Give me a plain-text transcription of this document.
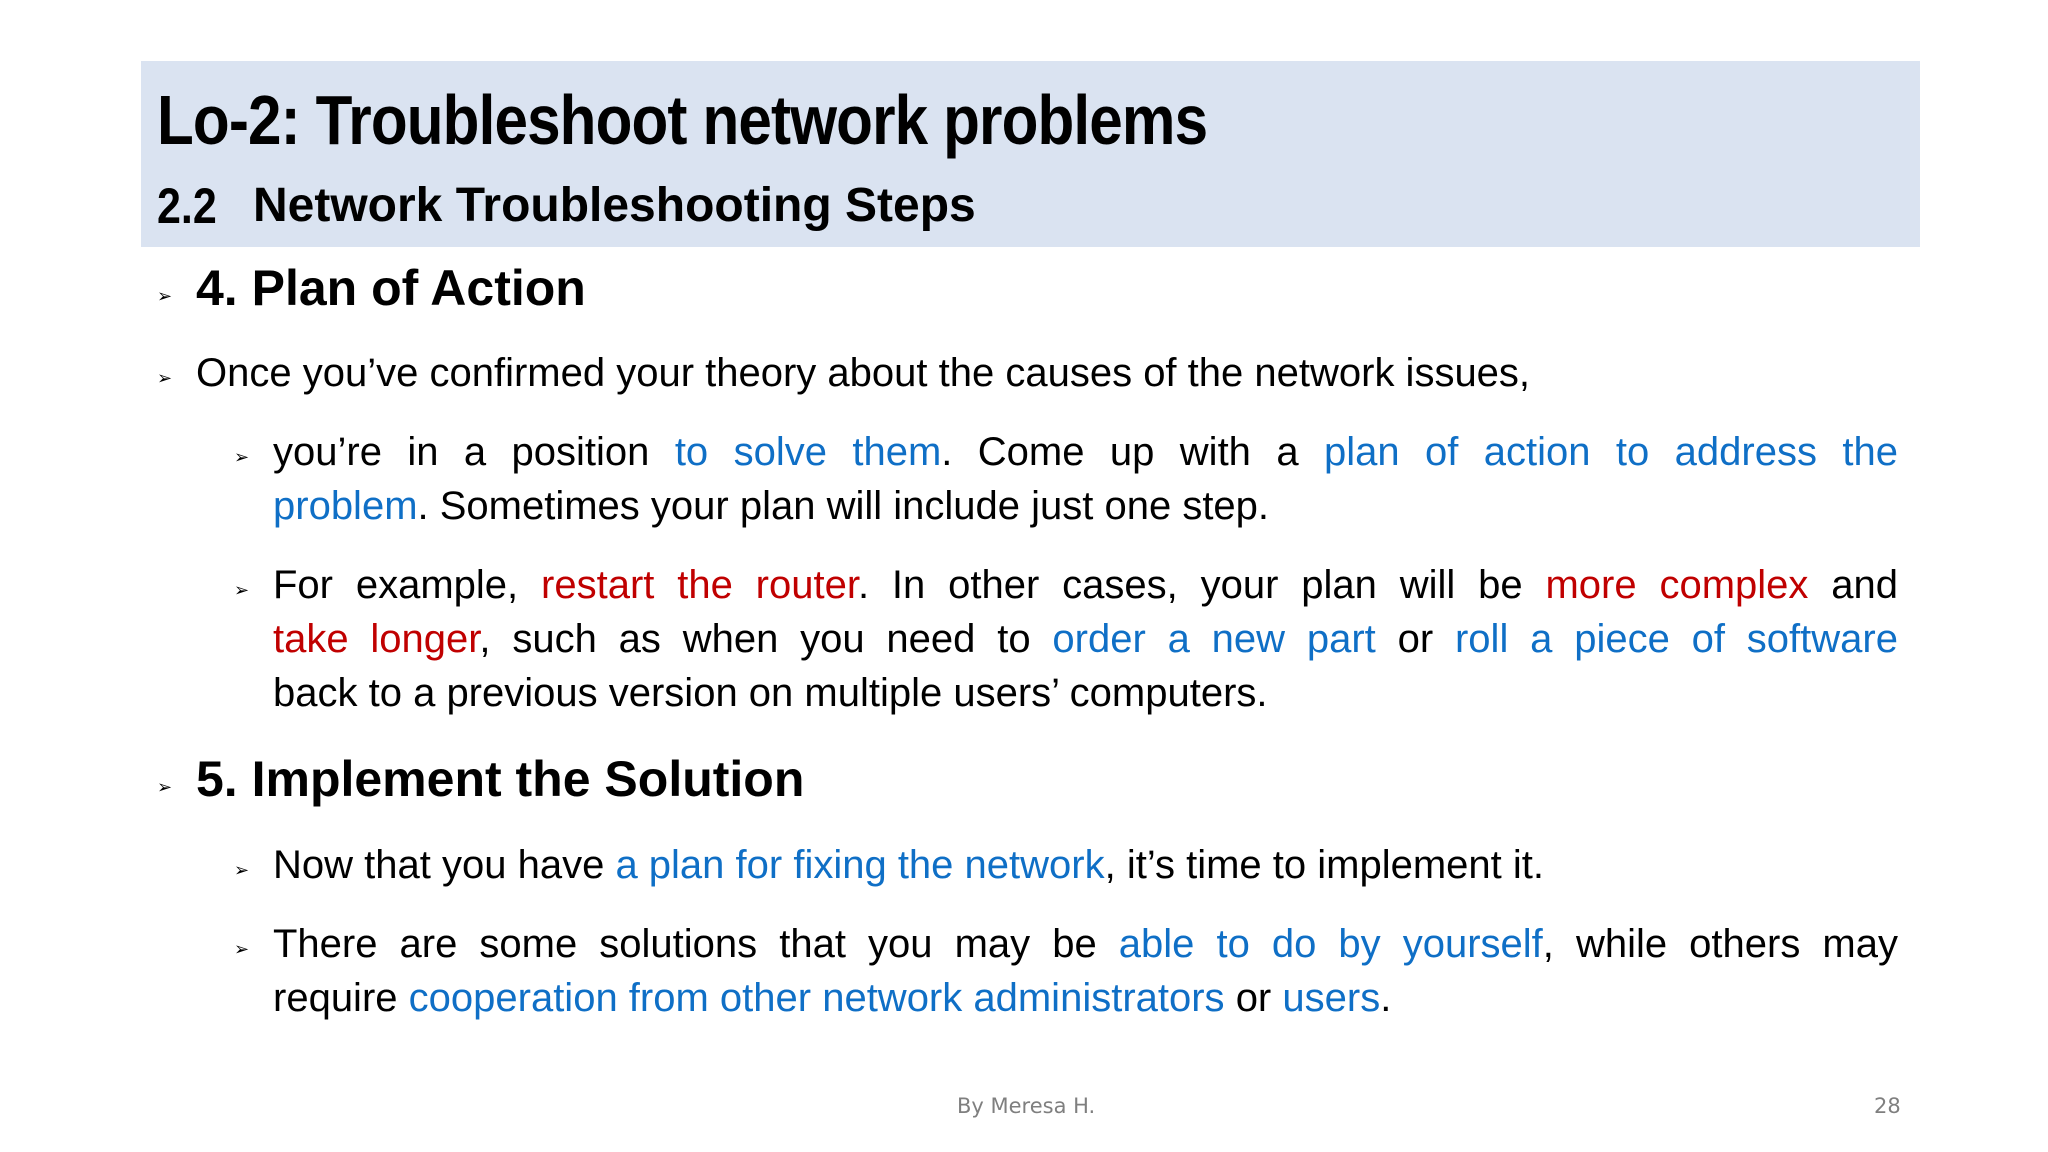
Lo-2: Troubleshoot network problems
2.2 Network Troubleshooting Steps
➢ 4. Plan of Action
➢ Once you’ve confirmed your theory about the causes of the network issues,
➢ you’re in a position to solve them. Come up with a plan of action to address the
problem. Sometimes your plan will include just one step.
➢ For example, restart the router. In other cases, your plan will be more complex and
take longer, such as when you need to order a new part or roll a piece of software
back to a previous version on multiple users’ computers.
➢ 5. Implement the Solution
➢ Now that you have a plan for fixing the network, it’s time to implement it.
➢ There are some solutions that you may be able to do by yourself, while others may
require cooperation from other network administrators or users.
By Meresa H.	28
